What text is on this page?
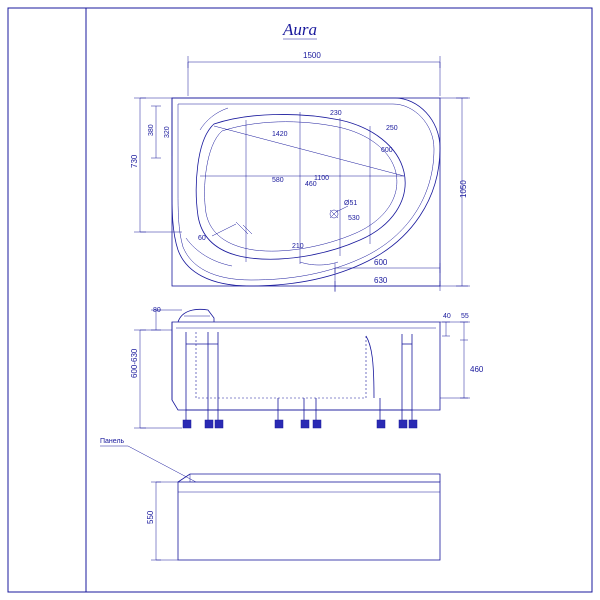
Aura
Ø51
1420
1100
580
460
230
250
600
530
210
60
1500
1050
730
380 320
600
630
80
600-630
40 55
460
Панель
550
